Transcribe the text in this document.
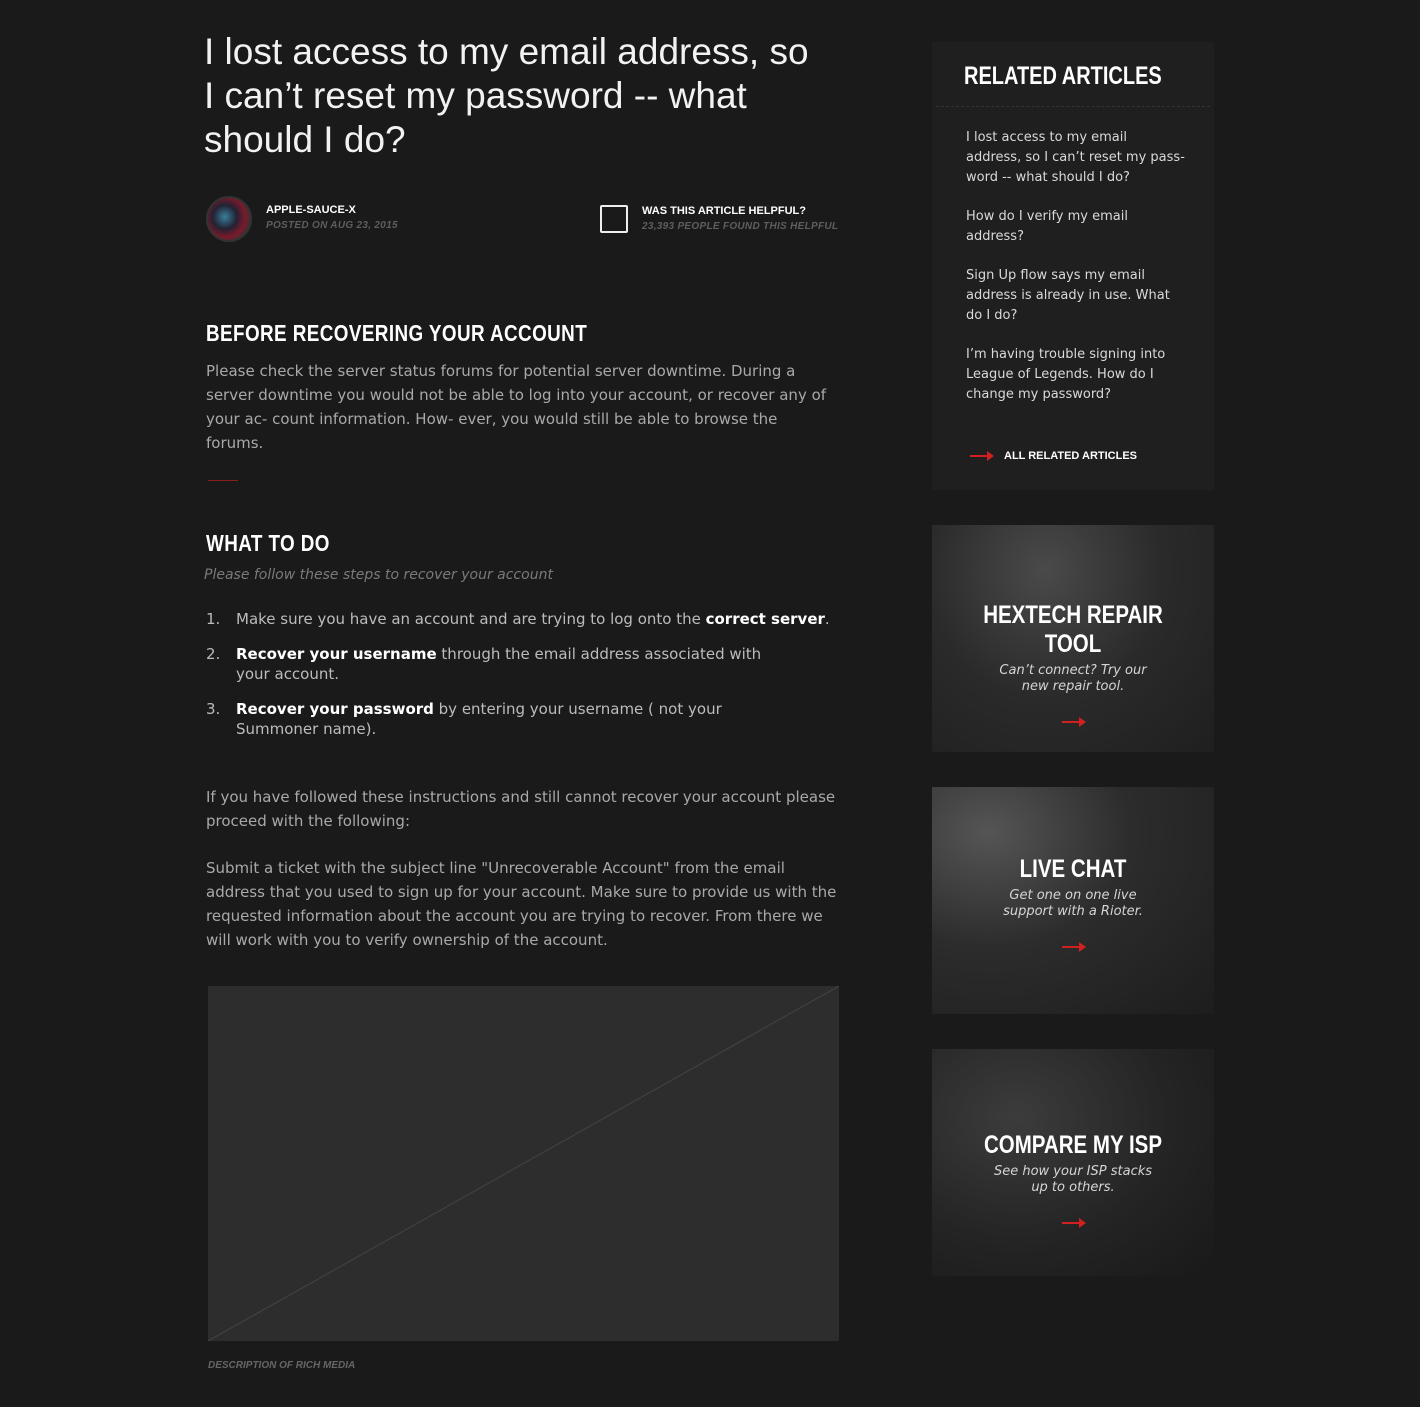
I lost access to my email address, so I can’t reset my password -- what should I do?
APPLE-SAUCE-X
POSTED ON AUG 23, 2015
WAS THIS ARTICLE HELPFUL?
23,393 PEOPLE FOUND THIS HELPFUL
BEFORE RECOVERING YOUR ACCOUNT

Please check the server status forums for potential server downtime. During a server downtime you would not be able to log into your account, or recover any of your ac- count information. How- ever, you would still be able to browse the forums.

WHAT TO DO
Please follow these steps to recover your account
1.	Make sure you have an account and are trying to log onto the correct server.
2.	Recover your username through the email address associated with your account.
3.	Recover your password by entering your username ( not your Summoner name).

If you have followed these instructions and still cannot recover your account please proceed with the following:

Submit a ticket with the subject line "Unrecoverable Account" from the email address that you used to sign up for your account. Make sure to provide us with the requested information about the account you are trying to recover. From there we will work with you to verify ownership of the account.

DESCRIPTION OF RICH MEDIA
RELATED ARTICLES
I lost access to my email address, so I can’t reset my pass- word -- what should I do?
How do I verify my email address?
Sign Up flow says my email address is already in use. What do I do?
I’m having trouble signing into League of Legends. How do I change my password?
ALL RELATED ARTICLES
HEXTECH REPAIR TOOL
Can’t connect? Try our new repair tool.
LIVE CHAT
Get one on one live support with a Rioter.
COMPARE MY ISP
See how your ISP stacks up to others.
